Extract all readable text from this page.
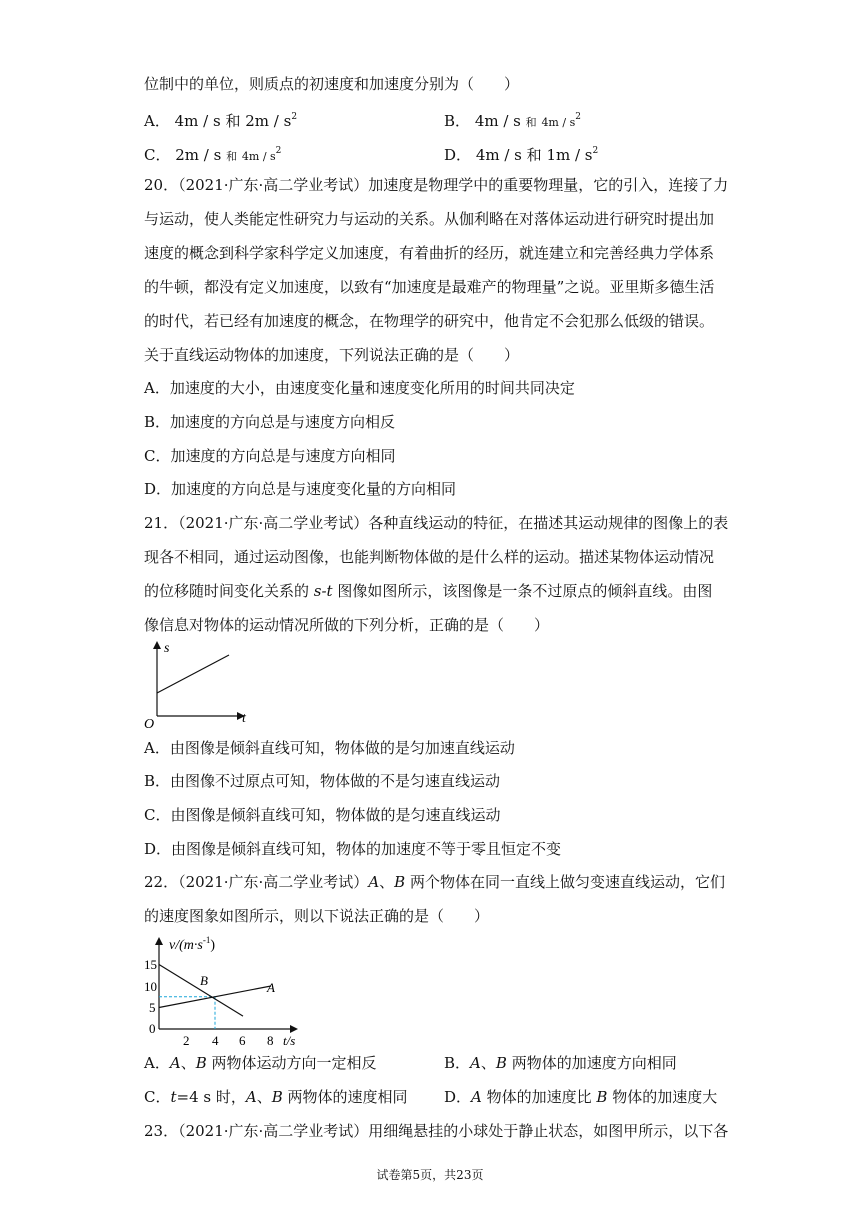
位制中的单位，则质点的初速度和加速度分别为（　　）
A． 4m / s 和 $2m / s^2$	B． 4m / s 和 $4m / s^2$
C． 2m / s 和 $4m / s^2$	D． 4m / s 和 $1m / s^2$
20．（2021·广东·高二学业考试）加速度是物理学中的重要物理量，它的引入，连接了力
与运动，使人类能定性研究力与运动的关系。从伽利略在对落体运动进行研究时提出加
速度的概念到科学家科学定义加速度，有着曲折的经历，就连建立和完善经典力学体系
的牛顿，都没有定义加速度，以致有“加速度是最难产的物理量”之说。亚里斯多德生活
的时代，若已经有加速度的概念，在物理学的研究中，他肯定不会犯那么低级的错误。
关于直线运动物体的加速度，下列说法正确的是（　　）
A．加速度的大小，由速度变化量和速度变化所用的时间共同决定
B．加速度的方向总是与速度方向相反
C．加速度的方向总是与速度方向相同
D．加速度的方向总是与速度变化量的方向相同
21．（2021·广东·高二学业考试）各种直线运动的特征，在描述其运动规律的图像上的表
现各不相同，通过运动图像，也能判断物体做的是什么样的运动。描述某物体运动情况
的位移随时间变化关系的 s-t 图像如图所示，该图像是一条不过原点的倾斜直线。由图
像信息对物体的运动情况所做的下列分析，正确的是（　　）
s
t
O
A．由图像是倾斜直线可知，物体做的是匀加速直线运动
B．由图像不过原点可知，物体做的不是匀速直线运动
C．由图像是倾斜直线可知，物体做的是匀速直线运动
D．由图像是倾斜直线可知，物体的加速度不等于零且恒定不变
22．（2021·广东·高二学业考试）A、B 两个物体在同一直线上做匀变速直线运动，它们
的速度图象如图所示，则以下说法正确的是（　　）
$v/(m\cdot s^{-1})$
15
10
5
0
2 4 6 8 t/s
A
B
A．A、B 两物体运动方向一定相反	B．A、B 两物体的加速度方向相同
C．t=4 s 时，A、B 两物体的速度相同 D．A 物体的加速度比 B 物体的加速度大
23．（2021·广东·高二学业考试）用细绳悬挂的小球处于静止状态，如图甲所示，以下各
试卷第5页，共23页
